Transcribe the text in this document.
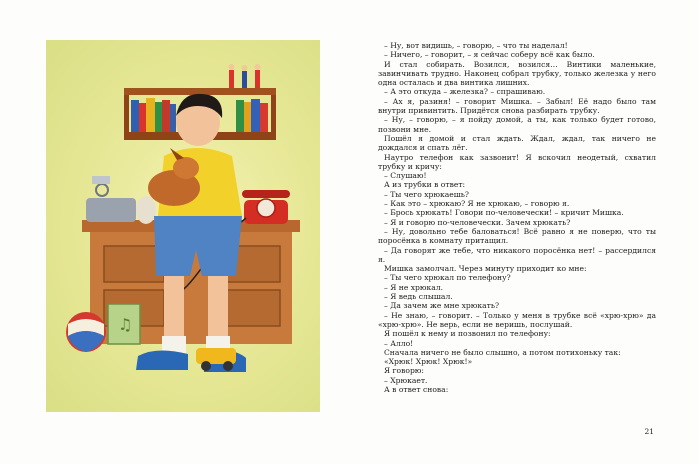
♫

– Ну, вот видишь, – говорю, – что ты наделал!

– Ничего, – говорит, – я сейчас соберу всё как было.

И стал собирать. Возился, возился… Винтики маленькие, завинчивать трудно. Наконец собрал трубку, только железка у него одна осталась и два винтика лишних.

– А это откуда – железка? – спрашиваю.

– Ах я, разиня! – говорит Мишка. – Забыл! Её надо было там внутри привинтить. Придётся снова разбирать трубку.

– Ну, – говорю, – я пойду домой, а ты, как только будет готово, позвони мне.

Пошёл я домой и стал ждать. Ждал, ждал, так ничего не дождался и спать лёг.

Наутро телефон как зазвонит! Я вскочил неодетый, схватил трубку и кричу:

– Слушаю!

А из трубки в ответ:

– Ты чего хрюкаешь?

– Как это – хрюкаю? Я не хрюкаю, – говорю я.

– Брось хрюкать! Говори по-человечески! – кричит Мишка.

– Я и говорю по-человечески. Зачем хрюкать?

– Ну, довольно тебе баловаться! Всё равно я не поверю, что ты поросёнка в комнату притащил.

– Да говорят же тебе, что никакого поросёнка нет! – рассердился я.

Мишка замолчал. Через минуту приходит ко мне:

– Ты чего хрюкал по телефону?

– Я не хрюкал.

– Я ведь слышал.

– Да зачем же мне хрюкать?

– Не знаю, – говорит. – Только у меня в трубке всё «хрю-хрю» да «хрю-хрю». Не верь, если не веришь, послушай.

Я пошёл к нему и позвонил по телефону:

– Алло!

Сначала ничего не было слышно, а потом потихоньку так:

«Хрюк! Хрюк! Хрюк!»

Я говорю:

– Хрюкает.

А в ответ снова:

21
